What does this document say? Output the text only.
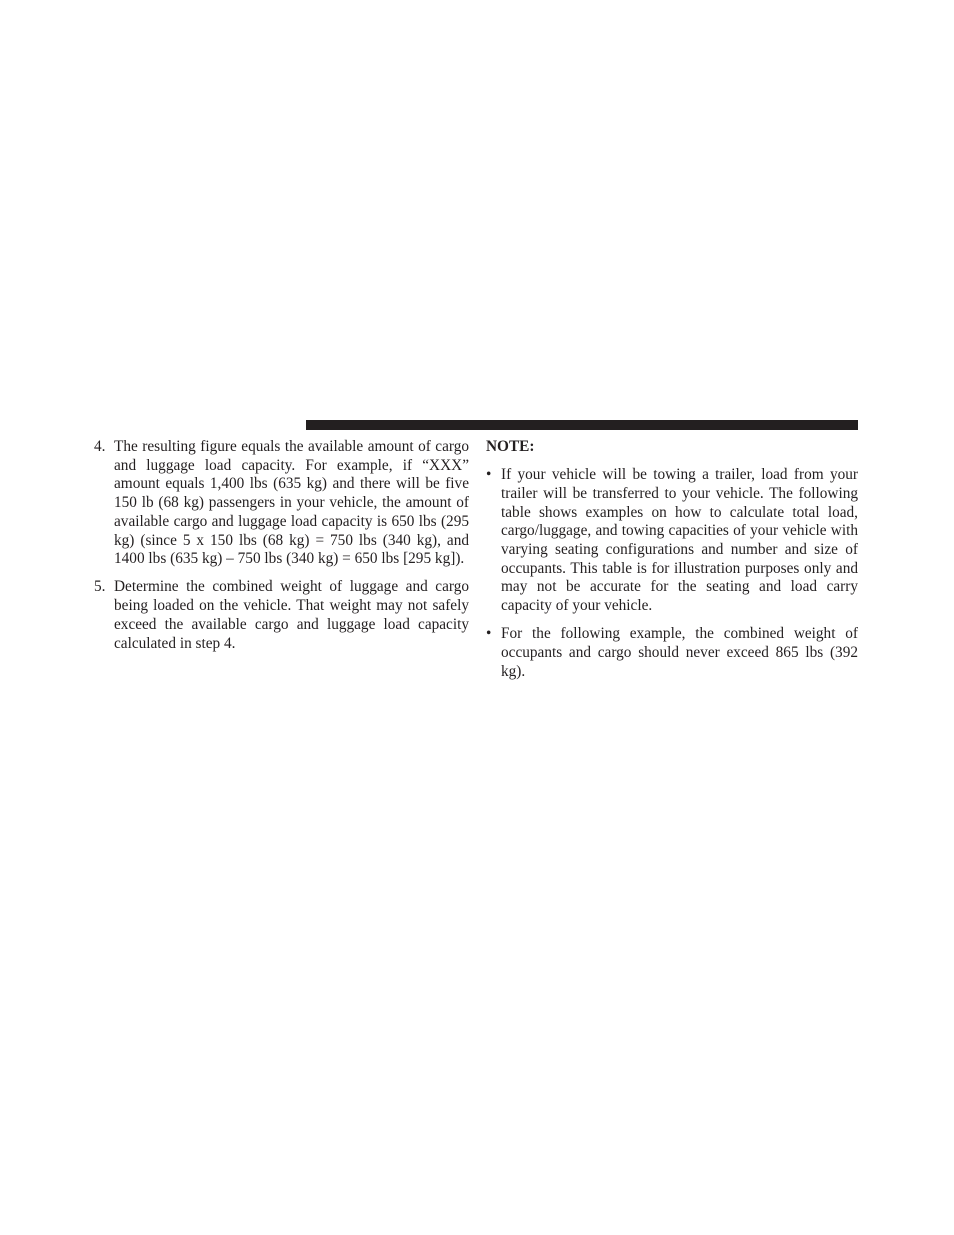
4. The resulting figure equals the available amount of cargo and luggage load capacity. For example, if “XXX” amount equals 1,400 lbs (635 kg) and there will be five 150 lb (68 kg) passengers in your vehicle, the amount of available cargo and luggage load capacity is 650 lbs (295 kg) (since 5 x 150 lbs (68 kg) = 750 lbs (340 kg), and 1400 lbs (635 kg) – 750 lbs (340 kg) = 650 lbs [295 kg]).
5. Determine the combined weight of luggage and cargo being loaded on the vehicle. That weight may not safely exceed the available cargo and luggage load capacity calculated in step 4.
NOTE:
• If your vehicle will be towing a trailer, load from your trailer will be transferred to your vehicle. The following table shows examples on how to calculate total load, cargo/luggage, and towing capacities of your vehicle with varying seating configurations and number and size of occupants. This table is for illustration purposes only and may not be accurate for the seating and load carry capacity of your vehicle.
• For the following example, the combined weight of occupants and cargo should never exceed 865 lbs (392 kg).
